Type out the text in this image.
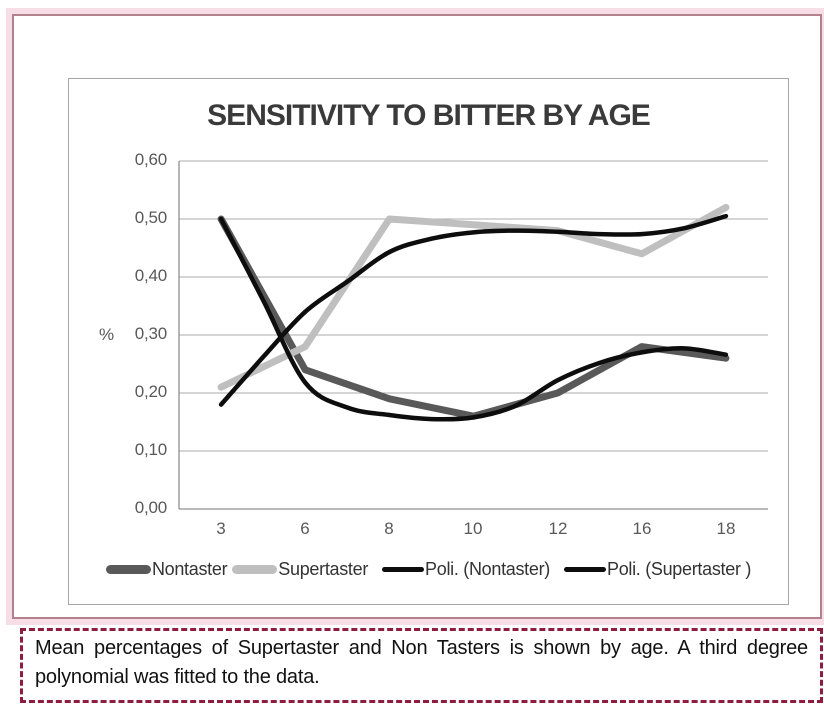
SENSITIVITY TO BITTER BY AGE
0,60
0,50
0,40
0,30
0,20
0,10
0,00
%
3	6	8	10	12	16	18
Nontaster	Supertaster	Poli. (Nontaster)	Poli. (Supertaster )
Mean percentages of Supertaster and Non Tasters is shown by age. A third degree
polynomial was fitted to the data.
